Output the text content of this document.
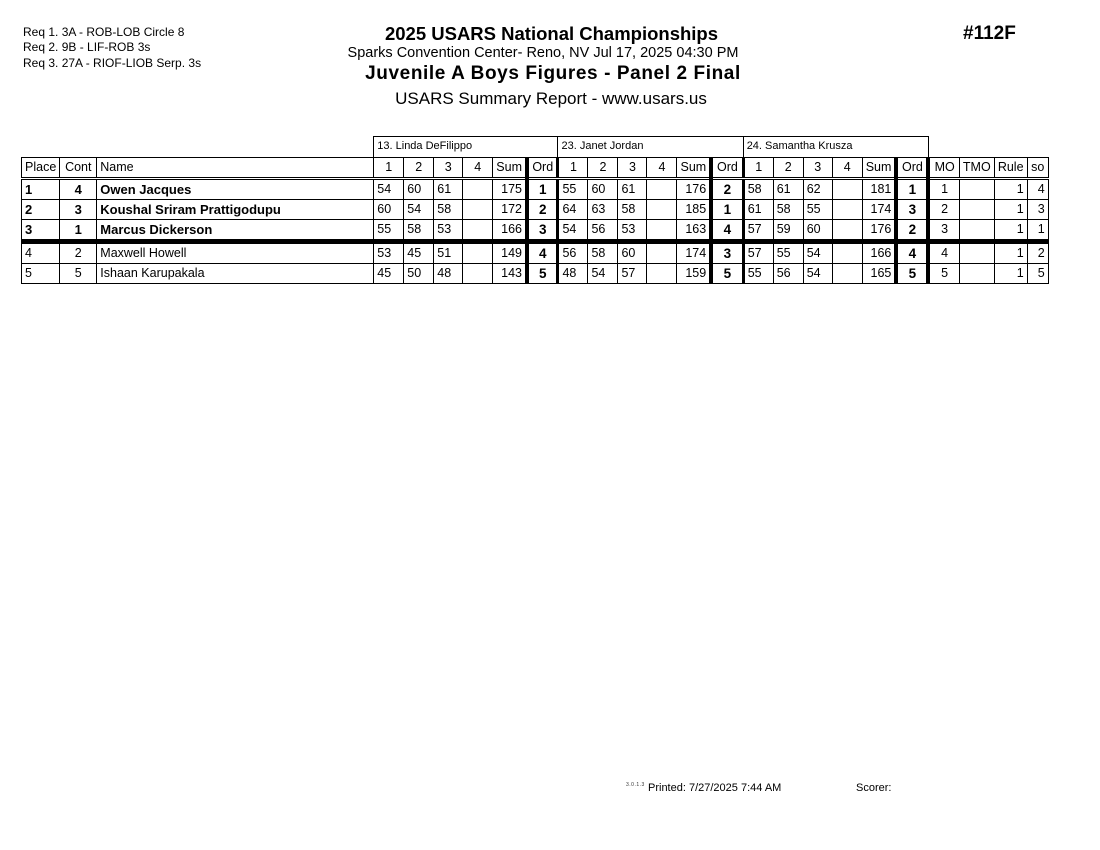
Req 1. 3A - ROB-LOB Circle 8
Req 2. 9B - LIF-ROB 3s
Req 3. 27A - RIOF-LIOB Serp. 3s
2025 USARS National Championships
Sparks Convention Center- Reno, NV Jul 17, 2025 04:30 PM
Juvenile A Boys Figures - Panel 2 Final
USARS Summary Report - www.usars.us
#112F
			13. Linda DeFilippo						23. Janet Jordan						24. Samantha Krusza									
Place	Cont	Name	1	2	3	4	Sum	Ord	1	2	3	4	Sum	Ord	1	2	3	4	Sum	Ord	MO	TMO	Rule	so
1	4	Owen Jacques	54	60	61		175	1	55	60	61		176	2	58	61	62		181	1	1		1	4
2	3	Koushal Sriram Prattigodupu	60	54	58		172	2	64	63	58		185	1	61	58	55		174	3	2		1	3
3	1	Marcus Dickerson	55	58	53		166	3	54	56	53		163	4	57	59	60		176	2	3		1	1
4	2	Maxwell Howell	53	45	51		149	4	56	58	60		174	3	57	55	54		166	4	4		1	2
5	5	Ishaan Karupakala	45	50	48		143	5	48	54	57		159	5	55	56	54		165	5	5		1	5
3.0.1.3 Printed: 7/27/2025 7:44 AM	Scorer:
